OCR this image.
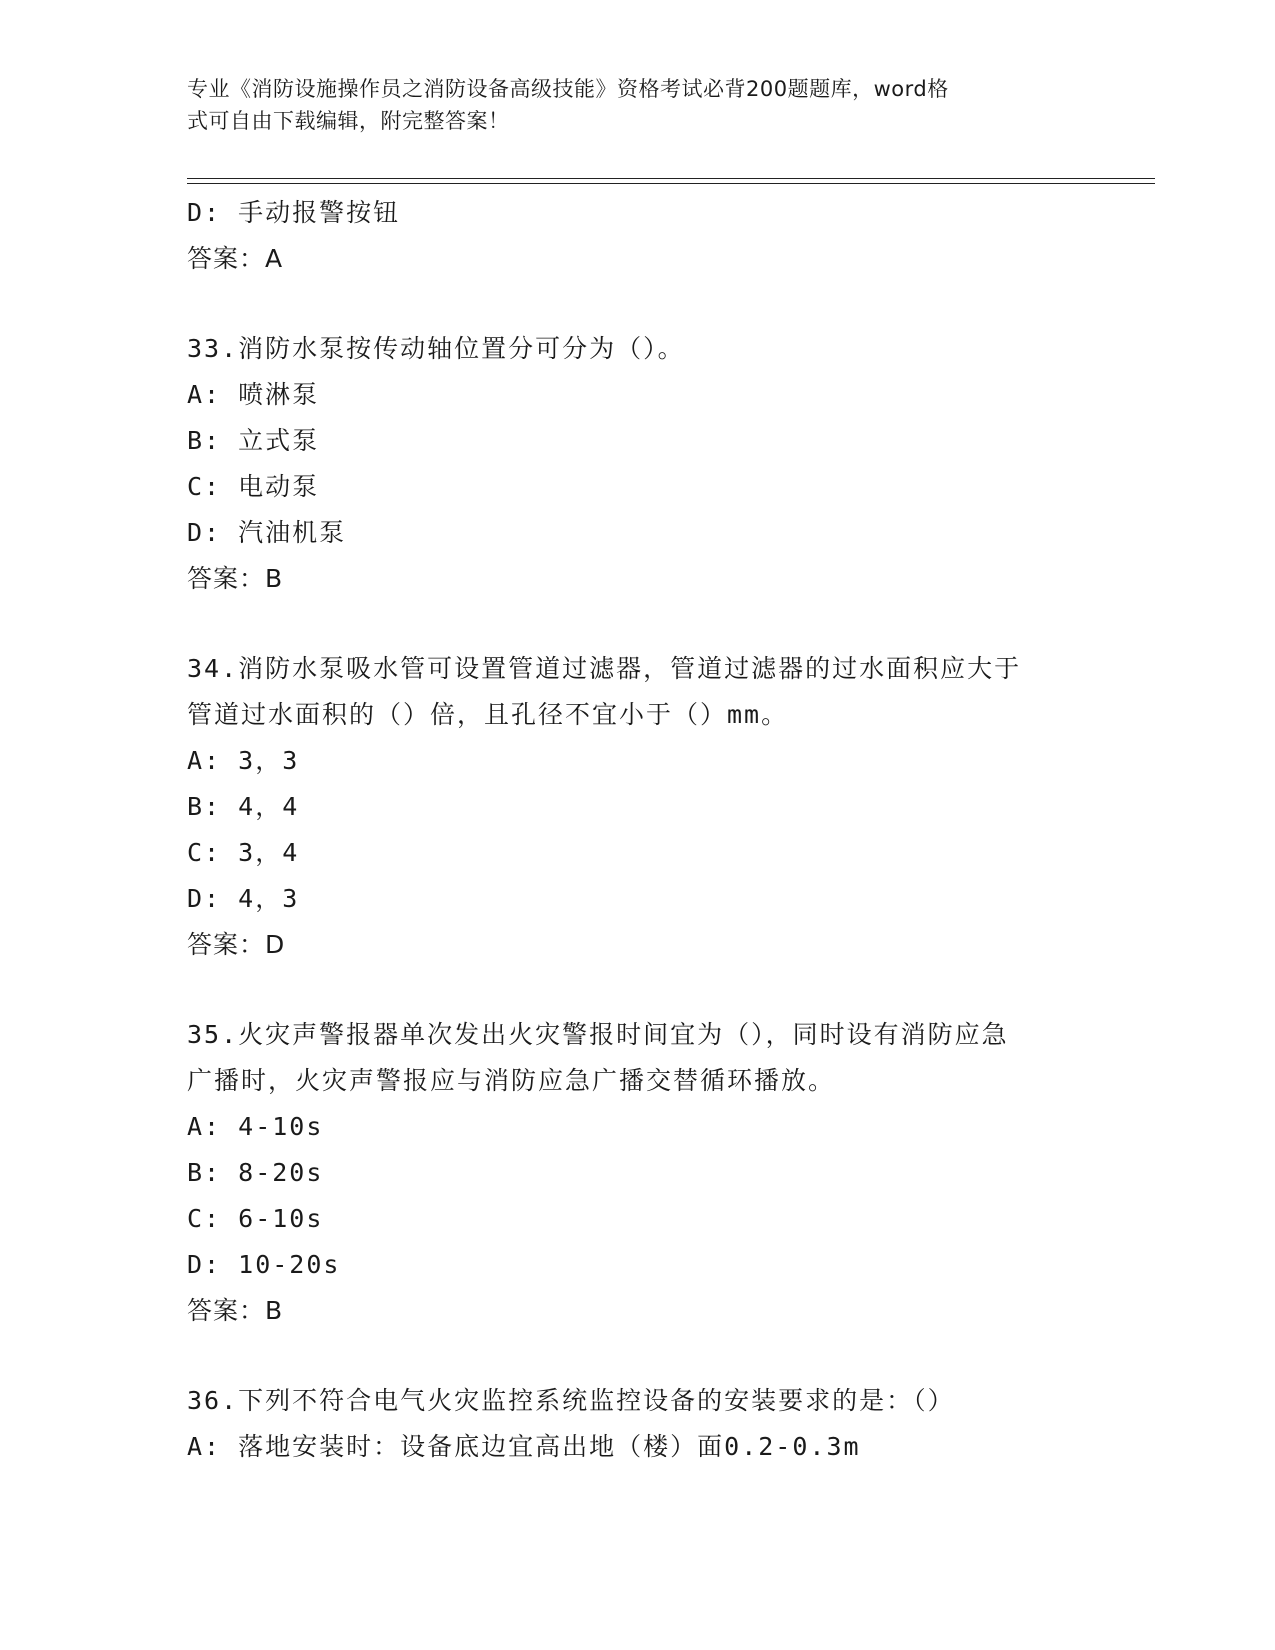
专业《消防设施操作员之消防设备高级技能》资格考试必背200题题库，word格
式可自由下载编辑，附完整答案！
D: 手动报警按钮
答案：A
33.消防水泵按传动轴位置分可分为（）。
A: 喷淋泵
B: 立式泵
C: 电动泵
D: 汽油机泵
答案：B
34.消防水泵吸水管可设置管道过滤器，管道过滤器的过水面积应大于
管道过水面积的（）倍，且孔径不宜小于（）mm。
A: 3，3
B: 4，4
C: 3，4
D: 4，3
答案：D
35.火灾声警报器单次发出火灾警报时间宜为（），同时设有消防应急
广播时，火灾声警报应与消防应急广播交替循环播放。
A: 4-10s
B: 8-20s
C: 6-10s
D: 10-20s
答案：B
36.下列不符合电气火灾监控系统监控设备的安装要求的是：（）
A: 落地安装时：设备底边宜高出地（楼）面0.2-0.3m
